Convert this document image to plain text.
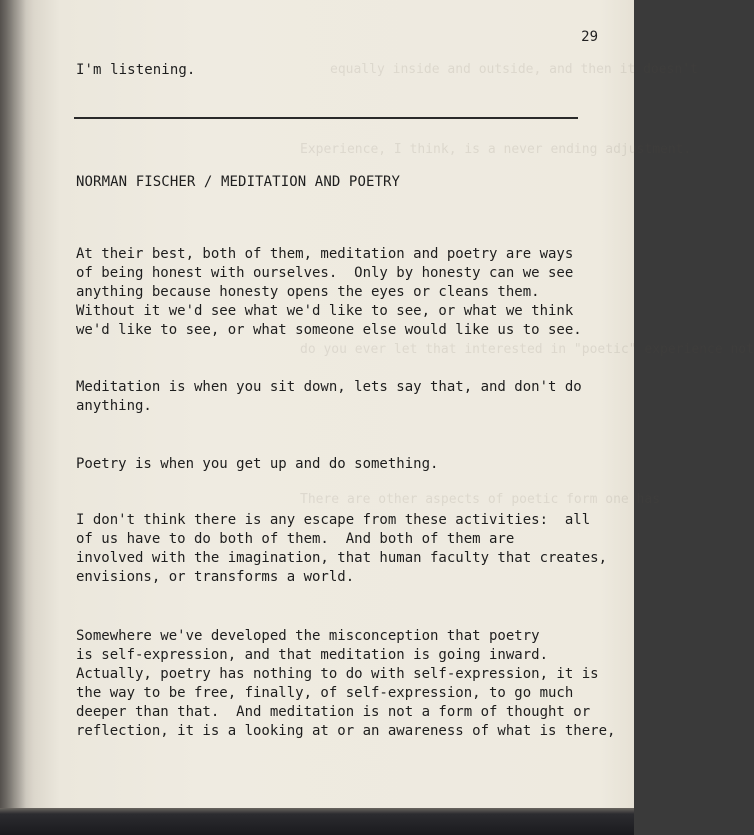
equally inside and outside, and then it doesn't
Experience, I think, is a never ending adjustment.
do you ever let that interested in "poetic" experience not
There are other aspects of poetic form one has
29
I'm listening.
NORMAN FISCHER / MEDITATION AND POETRY
At their best, both of them, meditation and poetry are ways
of being honest with ourselves.  Only by honesty can we see
anything because honesty opens the eyes or cleans them.
Without it we'd see what we'd like to see, or what we think
we'd like to see, or what someone else would like us to see.
Meditation is when you sit down, lets say that, and don't do
anything.
Poetry is when you get up and do something.
I don't think there is any escape from these activities:  all
of us have to do both of them.  And both of them are
involved with the imagination, that human faculty that creates,
envisions, or transforms a world.
Somewhere we've developed the misconception that poetry
is self-expression, and that meditation is going inward.
Actually, poetry has nothing to do with self-expression, it is
the way to be free, finally, of self-expression, to go much
deeper than that.  And meditation is not a form of thought or
reflection, it is a looking at or an awareness of what is there,
